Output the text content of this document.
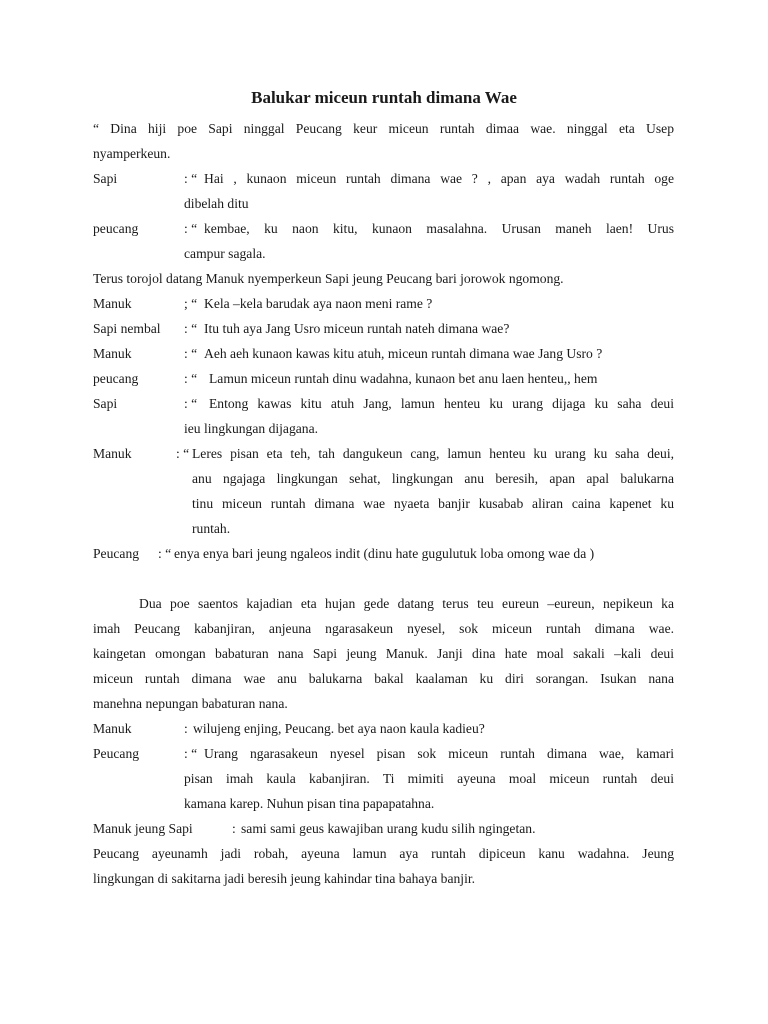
Balukar miceun runtah dimana Wae
“ Dina hiji poe Sapi ninggal Peucang keur miceun runtah dimaa wae. ninggal eta Usep
nyamperkeun.
Sapi	: “ Hai , kunaon miceun runtah dimana wae ? , apan aya wadah runtah oge
dibelah ditu
peucang	: “ kembae, ku naon kitu, kunaon masalahna. Urusan maneh laen! Urus
campur sagala.
Terus torojol datang Manuk nyemperkeun Sapi jeung Peucang bari jorowok ngomong.
Manuk	; “ Kela –kela barudak aya naon meni rame ?
Sapi nembal : “ Itu tuh aya Jang Usro miceun runtah nateh dimana wae?
Manuk	: “ Aeh aeh kunaon kawas kitu atuh, miceun runtah dimana wae Jang Usro ?
peucang	: “ Lamun miceun runtah dinu wadahna, kunaon bet anu laen henteu,, hem
Sapi	: “ Entong kawas kitu atuh Jang, lamun henteu ku urang dijaga ku saha deui
ieu lingkungan dijagana.
Manuk	: “ Leres pisan eta teh, tah dangukeun cang, lamun henteu ku urang ku saha deui,
anu ngajaga lingkungan sehat, lingkungan anu beresih, apan apal balukarna
tinu miceun runtah dimana wae nyaeta banjir kusabab aliran caina kapenet ku
runtah.
Peucang : “ enya enya bari jeung ngaleos indit (dinu hate gugulutuk loba omong wae da )
Dua poe saentos kajadian eta hujan gede datang terus teu eureun –eureun, nepikeun ka
imah Peucang kabanjiran, anjeuna ngarasakeun nyesel, sok miceun runtah dimana wae.
kaingetan omongan babaturan nana Sapi jeung Manuk. Janji dina hate moal sakali –kali deui
miceun runtah dimana wae anu balukarna bakal kaalaman ku diri sorangan. Isukan nana
manehna nepungan babaturan nana.
Manuk	: wilujeng enjing, Peucang. bet aya naon kaula kadieu?
Peucang	: “ Urang ngarasakeun nyesel pisan sok miceun runtah dimana wae, kamari
pisan imah kaula kabanjiran. Ti mimiti ayeuna moal miceun runtah deui
kamana karep. Nuhun pisan tina papapatahna.
Manuk jeung Sapi	: sami sami geus kawajiban urang kudu silih ngingetan.
Peucang ayeunamh jadi robah, ayeuna lamun aya runtah dipiceun kanu wadahna. Jeung
lingkungan di sakitarna jadi beresih jeung kahindar tina bahaya banjir.
